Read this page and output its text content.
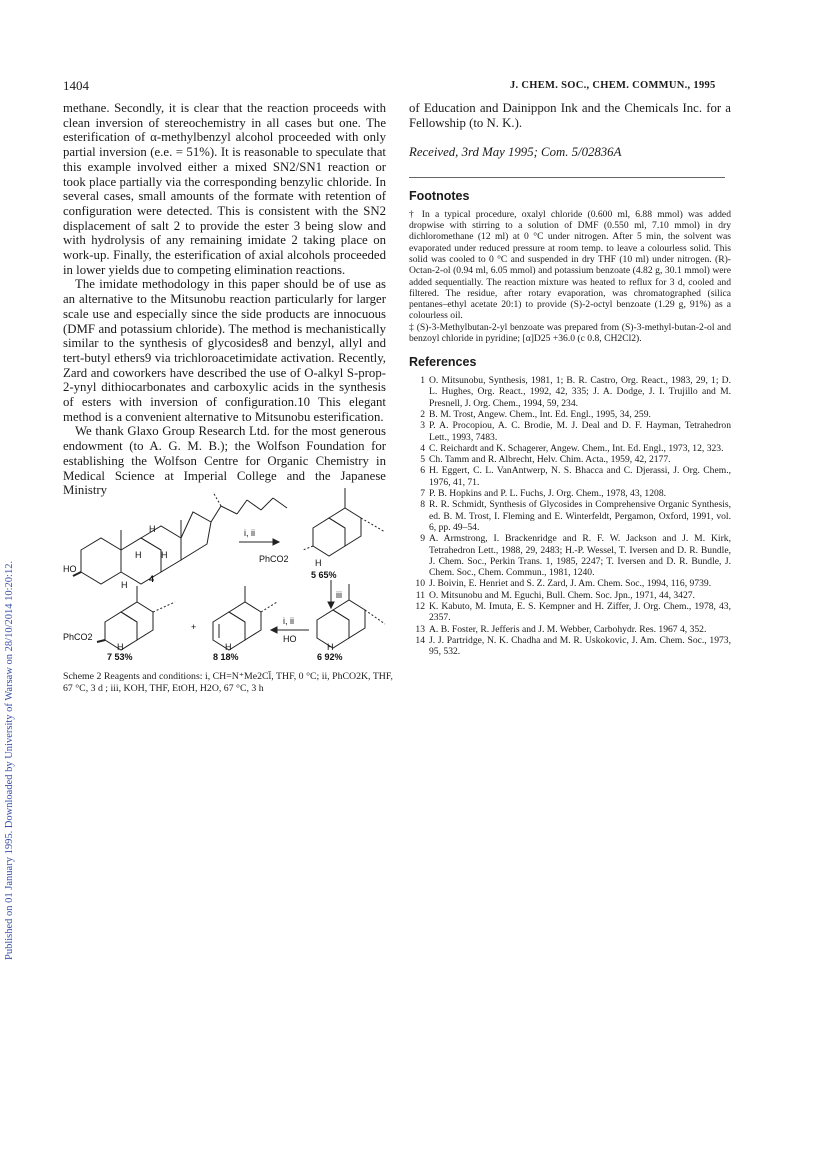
Published on 01 January 1995. Downloaded by University of Warsaw on 28/10/2014 10:20:12.
1404	J. CHEM. SOC., CHEM. COMMUN., 1995

methane. Secondly, it is clear that the reaction proceeds with clean inversion of stereochemistry in all cases but one. The esterification of α-methylbenzyl alcohol proceeded with only partial inversion (e.e. = 51%). It is reasonable to speculate that this example involved either a mixed SN2/SN1 reaction or took place partially via the corresponding benzylic chloride. In several cases, small amounts of the formate with retention of configuration were detected. This is consistent with the SN2 displacement of salt 2 to provide the ester 3 being slow and with hydrolysis of any remaining imidate 2 taking place on work-up. Finally, the esterification of axial alcohols proceeded in lower yields due to competing elimination reactions.

The imidate methodology in this paper should be of use as an alternative to the Mitsunobu reaction particularly for larger scale use and especially since the side products are innocuous (DMF and potassium chloride). The method is mechanistically similar to the synthesis of glycosides8 and benzyl, allyl and tert-butyl ethers9 via trichloroacetimidate activation. Recently, Zard and coworkers have described the use of O-alkyl S-prop-2-ynyl dithiocarbonates and carboxylic acids in the synthesis of esters with inversion of configuration.10 This elegant method is a convenient alternative to Mitsunobu esterification.

We thank Glaxo Group Research Ltd. for the most generous endowment (to A. G. M. B.); the Wolfson Foundation for establishing the Wolfson Centre for Organic Chemistry in Medical Science at Imperial College and the Japanese Ministry

HO
H
H
H H
4
i, ii
PhCO2	H
5 65%
iii
PhCO2
H
+
H
i, ii
HO
H
7 53%	8 18%	6 92%
Scheme 2 Reagents and conditions: i, CH=N⁺Me2Cl̄, THF, 0 °C; ii, PhCO2K, THF, 67 °C, 3 d ; iii, KOH, THF, EtOH, H2O, 67 °C, 3 h

of Education and Dainippon Ink and the Chemicals Inc. for a Fellowship (to N. K.).

Received, 3rd May 1995; Com. 5/02836A

Footnotes

† In a typical procedure, oxalyl chloride (0.600 ml, 6.88 mmol) was added dropwise with stirring to a solution of DMF (0.550 ml, 7.10 mmol) in dry dichloromethane (12 ml) at 0 °C under nitrogen. After 5 min, the solvent was evaporated under reduced pressure at room temp. to leave a colourless solid. This solid was cooled to 0 °C and suspended in dry THF (10 ml) under nitrogen. (R)-Octan-2-ol (0.94 ml, 6.05 mmol) and potassium benzoate (4.82 g, 30.1 mmol) were added sequentially. The reaction mixture was heated to reflux for 3 d, cooled and filtered. The residue, after rotary evaporation, was chromatographed (silica pentanes–ethyl acetate 20:1) to provide (S)-2-octyl benzoate (1.29 g, 91%) as a colourless oil.

‡ (S)-3-Methylbutan-2-yl benzoate was prepared from (S)-3-methyl-butan-2-ol and benzoyl chloride in pyridine; [α]D25 +36.0 (c 0.8, CH2Cl2).

References

1 O. Mitsunobu, Synthesis, 1981, 1; B. R. Castro, Org. React., 1983, 29, 1; D. L. Hughes, Org. React., 1992, 42, 335; J. A. Dodge, J. I. Trujillo and M. Presnell, J. Org. Chem., 1994, 59, 234.
2 B. M. Trost, Angew. Chem., Int. Ed. Engl., 1995, 34, 259.
3 P. A. Procopiou, A. C. Brodie, M. J. Deal and D. F. Hayman, Tetrahedron Lett., 1993, 7483.
4 C. Reichardt and K. Schagerer, Angew. Chem., Int. Ed. Engl., 1973, 12, 323.
5 Ch. Tamm and R. Albrecht, Helv. Chim. Acta., 1959, 42, 2177.
6 H. Eggert, C. L. VanAntwerp, N. S. Bhacca and C. Djerassi, J. Org. Chem., 1976, 41, 71.
7 P. B. Hopkins and P. L. Fuchs, J. Org. Chem., 1978, 43, 1208.
8 R. R. Schmidt, Synthesis of Glycosides in Comprehensive Organic Synthesis, ed. B. M. Trost, I. Fleming and E. Winterfeldt, Pergamon, Oxford, 1991, vol. 6, pp. 49–54.
9 A. Armstrong, I. Brackenridge and R. F. W. Jackson and J. M. Kirk, Tetrahedron Lett., 1988, 29, 2483; H.-P. Wessel, T. Iversen and D. R. Bundle, J. Chem. Soc., Perkin Trans. 1, 1985, 2247; T. Iversen and D. R. Bundle, J. Chem. Soc., Chem. Commun., 1981, 1240.
10 J. Boivin, E. Henriet and S. Z. Zard, J. Am. Chem. Soc., 1994, 116, 9739.
11 O. Mitsunobu and M. Eguchi, Bull. Chem. Soc. Jpn., 1971, 44, 3427.
12 K. Kabuto, M. Imuta, E. S. Kempner and H. Ziffer, J. Org. Chem., 1978, 43, 2357.
13 A. B. Foster, R. Jefferis and J. M. Webber, Carbohydr. Res. 1967 4, 352.
14 J. J. Partridge, N. K. Chadha and M. R. Uskokovic, J. Am. Chem. Soc., 1973, 95, 532.
